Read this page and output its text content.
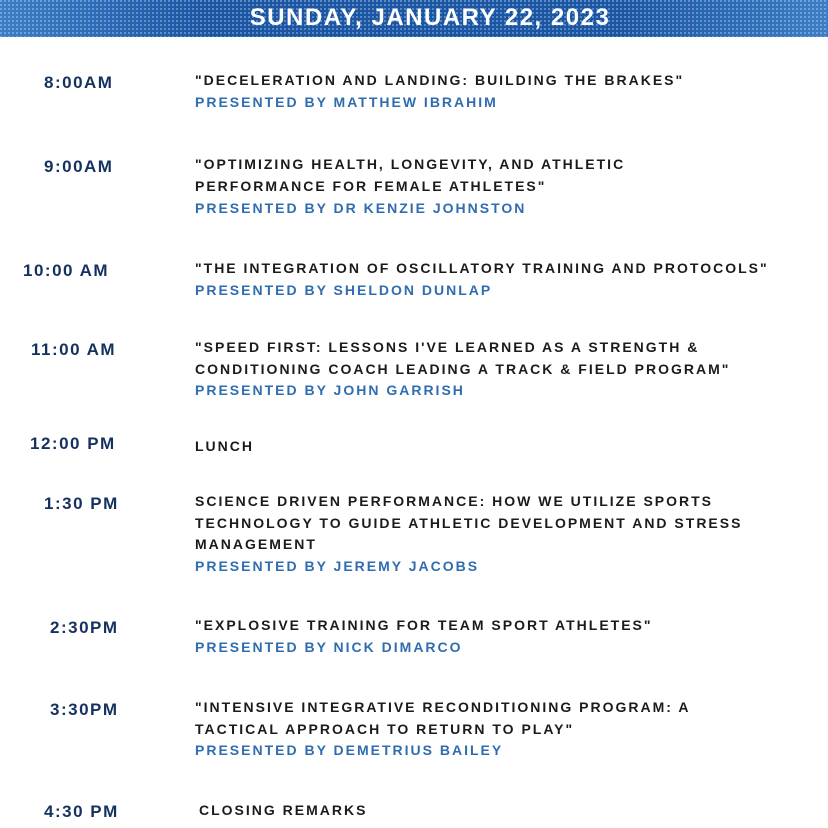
SUNDAY, JANUARY 22, 2023
8:00AM	"DECELERATION AND LANDING: BUILDING THE BRAKES"
PRESENTED BY MATTHEW IBRAHIM
9:00AM	"OPTIMIZING HEALTH, LONGEVITY, AND ATHLETIC
PERFORMANCE FOR FEMALE ATHLETES"
PRESENTED BY DR KENZIE JOHNSTON
10:00 AM	"THE INTEGRATION OF OSCILLATORY TRAINING AND PROTOCOLS"
PRESENTED BY SHELDON DUNLAP
11:00 AM	"SPEED FIRST: LESSONS I'VE LEARNED AS A STRENGTH &
CONDITIONING COACH LEADING A TRACK & FIELD PROGRAM"
PRESENTED BY JOHN GARRISH
12:00 PM	LUNCH
1:30 PM	SCIENCE DRIVEN PERFORMANCE: HOW WE UTILIZE SPORTS
TECHNOLOGY TO GUIDE ATHLETIC DEVELOPMENT AND STRESS
MANAGEMENT
PRESENTED BY JEREMY JACOBS
2:30PM	"EXPLOSIVE TRAINING FOR TEAM SPORT ATHLETES"
PRESENTED BY NICK DIMARCO
3:30PM	"INTENSIVE INTEGRATIVE RECONDITIONING PROGRAM: A
TACTICAL APPROACH TO RETURN TO PLAY"
PRESENTED BY DEMETRIUS BAILEY
4:30 PM	CLOSING REMARKS
